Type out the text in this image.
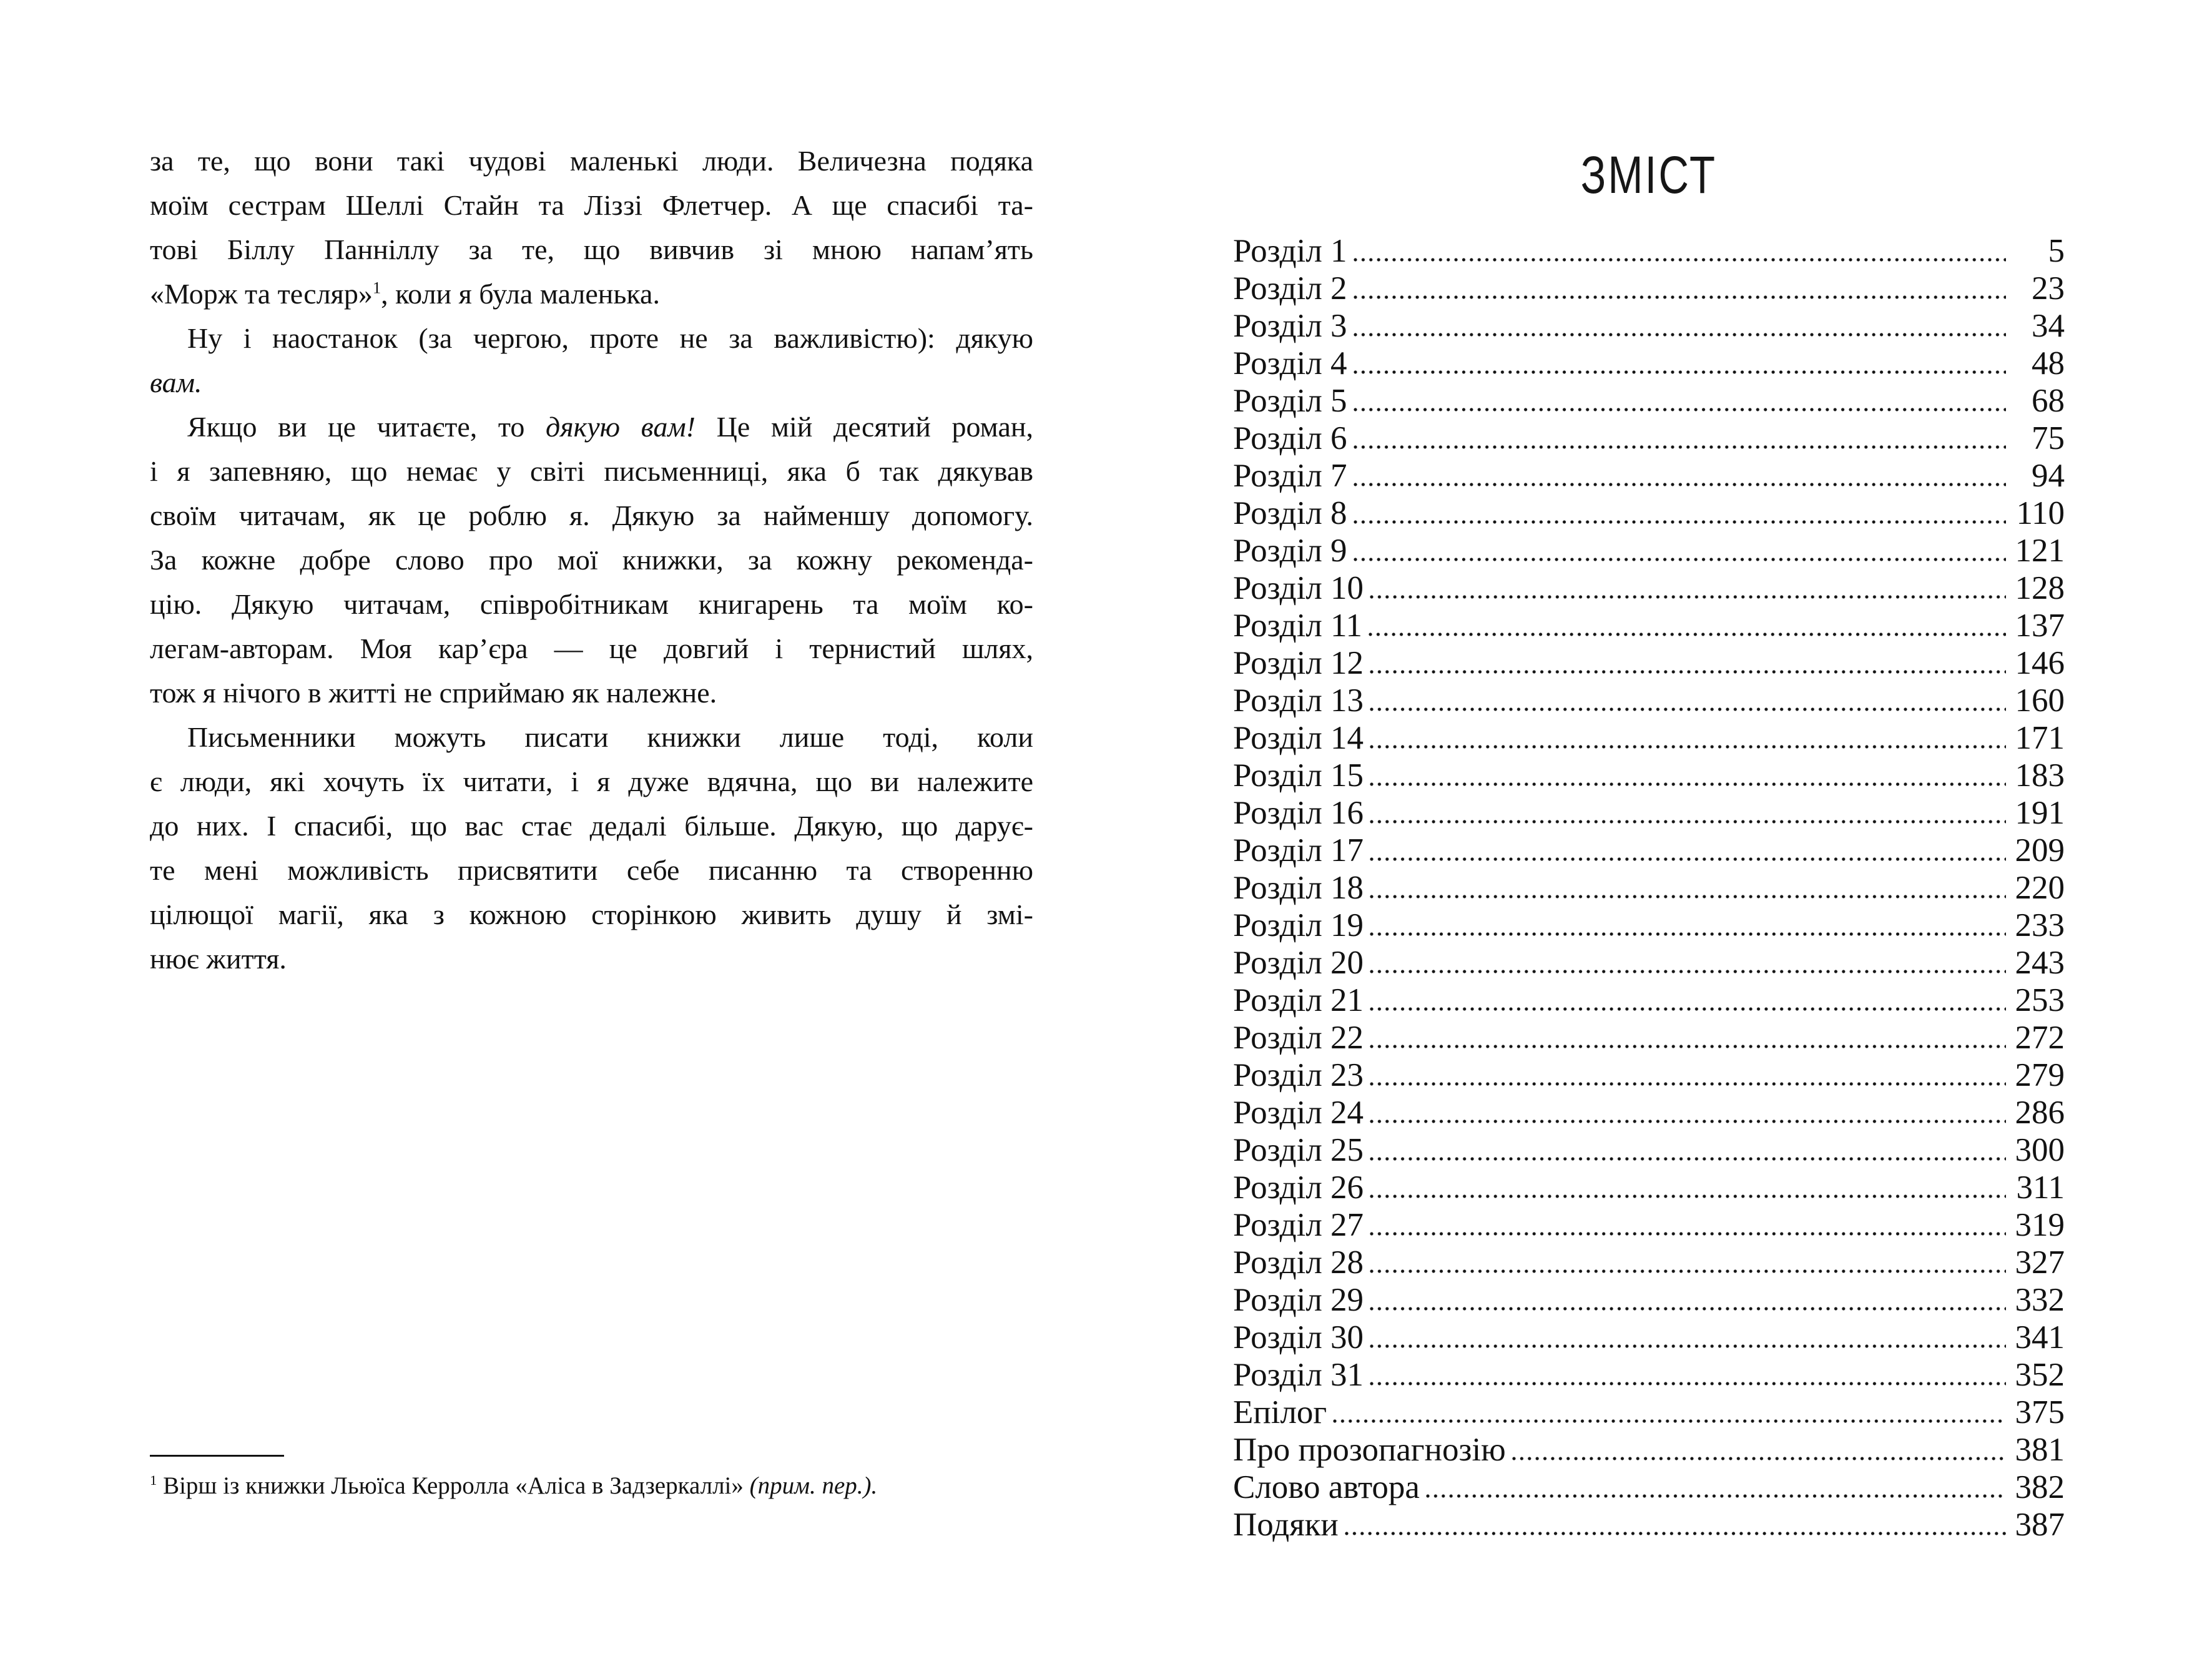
за те, що вони такі чудові маленькі люди. Величезна подяка
моїм сестрам Шеллі Стайн та Ліззі Флетчер. А ще спасибі та-
тові Біллу Панніллу за те, що вивчив зі мною напам’ять
«Морж та тесляр»$^1$, коли я була маленька.
Ну і наостанок (за чергою, проте не за важливістю): дякую
вам.
Якщо ви це читаєте, то дякую вам! Це мій десятий роман,
і я запевняю, що немає у світі письменниці, яка б так дякував
своїм читачам, як це роблю я. Дякую за найменшу допомогу.
За кожне добре слово про мої книжки, за кожну рекоменда-
цію. Дякую читачам, співробітникам книгарень та моїм ко-
легам-авторам. Моя кар’єра — це довгий і тернистий шлях,
тож я нічого в житті не сприймаю як належне.
Письменники можуть писати книжки лише тоді, коли
є люди, які хочуть їх читати, і я дуже вдячна, що ви належите
до них. І спасибі, що вас стає дедалі більше. Дякую, що дарує-
те мені можливість присвятити себе писанню та створенню
цілющої магії, яка з кожною сторінкою живить душу й змі-
нює життя.
$^1$ Вірш із книжки Льюїса Керролла «Аліса в Задзеркаллі» (прим. пер.).
ЗМІСТ
Розділ 1	5
Розділ 2	23
Розділ 3	34
Розділ 4	48
Розділ 5	68
Розділ 6	75
Розділ 7	94
Розділ 8	110
Розділ 9	121
Розділ 10	128
Розділ 11	137
Розділ 12	146
Розділ 13	160
Розділ 14	171
Розділ 15	183
Розділ 16	191
Розділ 17	209
Розділ 18	220
Розділ 19	233
Розділ 20	243
Розділ 21	253
Розділ 22	272
Розділ 23	279
Розділ 24	286
Розділ 25	300
Розділ 26	311
Розділ 27	319
Розділ 28	327
Розділ 29	332
Розділ 30	341
Розділ 31	352
Епілог	375
Про прозопагнозію	381
Слово автора	382
Подяки	387
